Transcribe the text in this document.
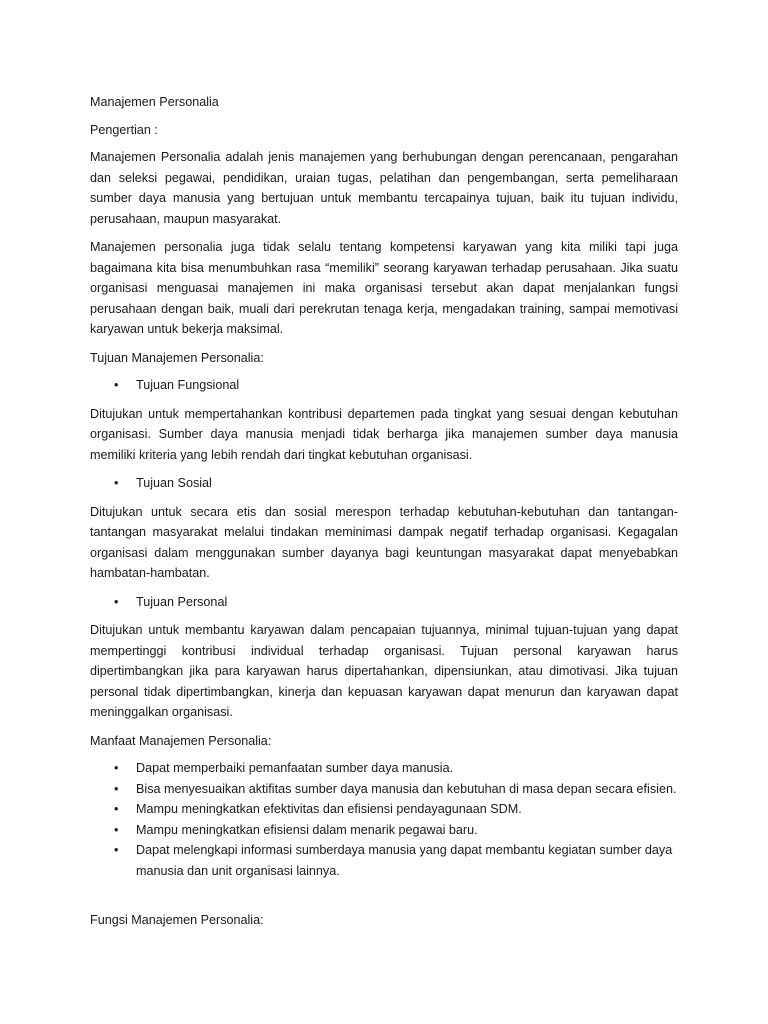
Manajemen Personalia

Pengertian :

Manajemen Personalia adalah jenis manajemen yang berhubungan dengan perencanaan, pengarahan dan seleksi pegawai, pendidikan, uraian tugas, pelatihan dan pengembangan, serta pemeliharaan sumber daya manusia yang bertujuan untuk membantu tercapainya tujuan, baik itu tujuan individu, perusahaan, maupun masyarakat.

Manajemen personalia juga tidak selalu tentang kompetensi karyawan yang kita miliki tapi juga bagaimana kita bisa menumbuhkan rasa “memiliki” seorang karyawan terhadap perusahaan. Jika suatu organisasi menguasai manajemen ini maka organisasi tersebut akan dapat menjalankan fungsi perusahaan dengan baik, muali dari perekrutan tenaga kerja, mengadakan training, sampai memotivasi karyawan untuk bekerja maksimal.

Tujuan Manajemen Personalia:

• Tujuan Fungsional

Ditujukan untuk mempertahankan kontribusi departemen pada tingkat yang sesuai dengan kebutuhan organisasi. Sumber daya manusia menjadi tidak berharga jika manajemen sumber daya manusia memiliki kriteria yang lebih rendah dari tingkat kebutuhan organisasi.

• Tujuan Sosial

Ditujukan untuk secara etis dan sosial merespon terhadap kebutuhan-kebutuhan dan tantangan-tantangan masyarakat melalui tindakan meminimasi dampak negatif terhadap organisasi. Kegagalan organisasi dalam menggunakan sumber dayanya bagi keuntungan masyarakat dapat menyebabkan hambatan-hambatan.

• Tujuan Personal

Ditujukan untuk membantu karyawan dalam pencapaian tujuannya, minimal tujuan-tujuan yang dapat mempertinggi kontribusi individual terhadap organisasi. Tujuan personal karyawan harus dipertimbangkan jika para karyawan harus dipertahankan, dipensiunkan, atau dimotivasi. Jika tujuan personal tidak dipertimbangkan, kinerja dan kepuasan karyawan dapat menurun dan karyawan dapat meninggalkan organisasi.

Manfaat Manajemen Personalia:

• Dapat memperbaiki pemanfaatan sumber daya manusia.
• Bisa menyesuaikan aktifitas sumber daya manusia dan kebutuhan di masa depan secara efisien.
• Mampu meningkatkan efektivitas dan efisiensi pendayagunaan SDM.
• Mampu meningkatkan efisiensi dalam menarik pegawai baru.
• Dapat melengkapi informasi sumberdaya manusia yang dapat membantu kegiatan sumber daya manusia dan unit organisasi lainnya.

Fungsi Manajemen Personalia:
